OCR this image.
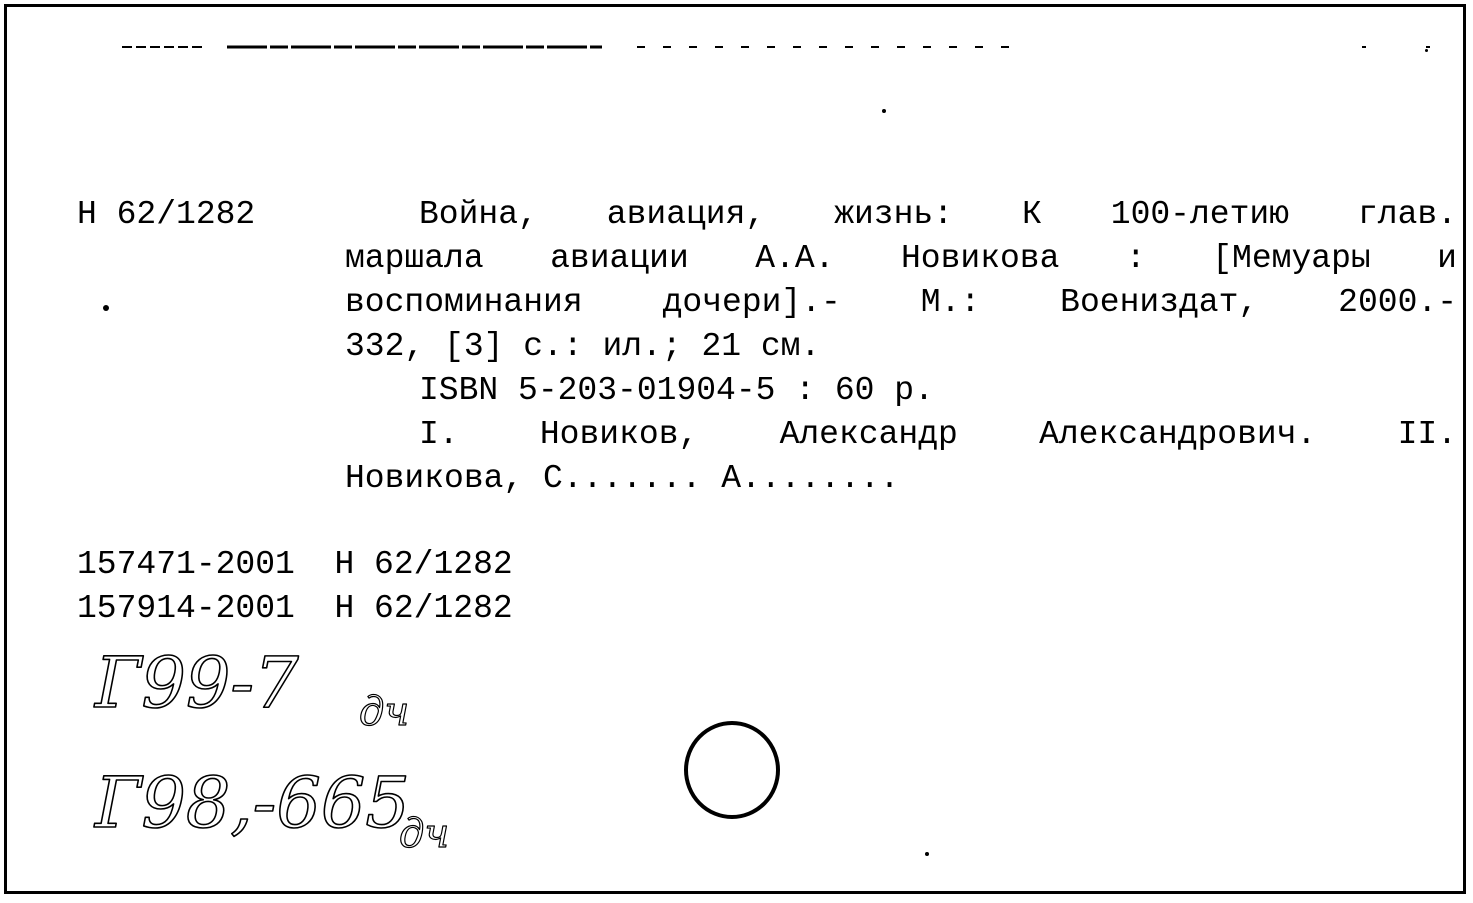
Н 62/1282	Война, авиация, жизнь: К 100-летию глав.
маршала авиации А.А. Новикова : [Мемуары и
воспоминания дочери].- М.: Воениздат, 2000.-
332, [3] с.: ил.; 21 см.
ISBN 5-203-01904-5 : 60 р.
I. Новиков, Александр Александрович. II.
Новикова, С....... А........
157471-2001 Н 62/1282
157914-2001 Н 62/1282
Г99-7 дч
Г98,-665
дч
